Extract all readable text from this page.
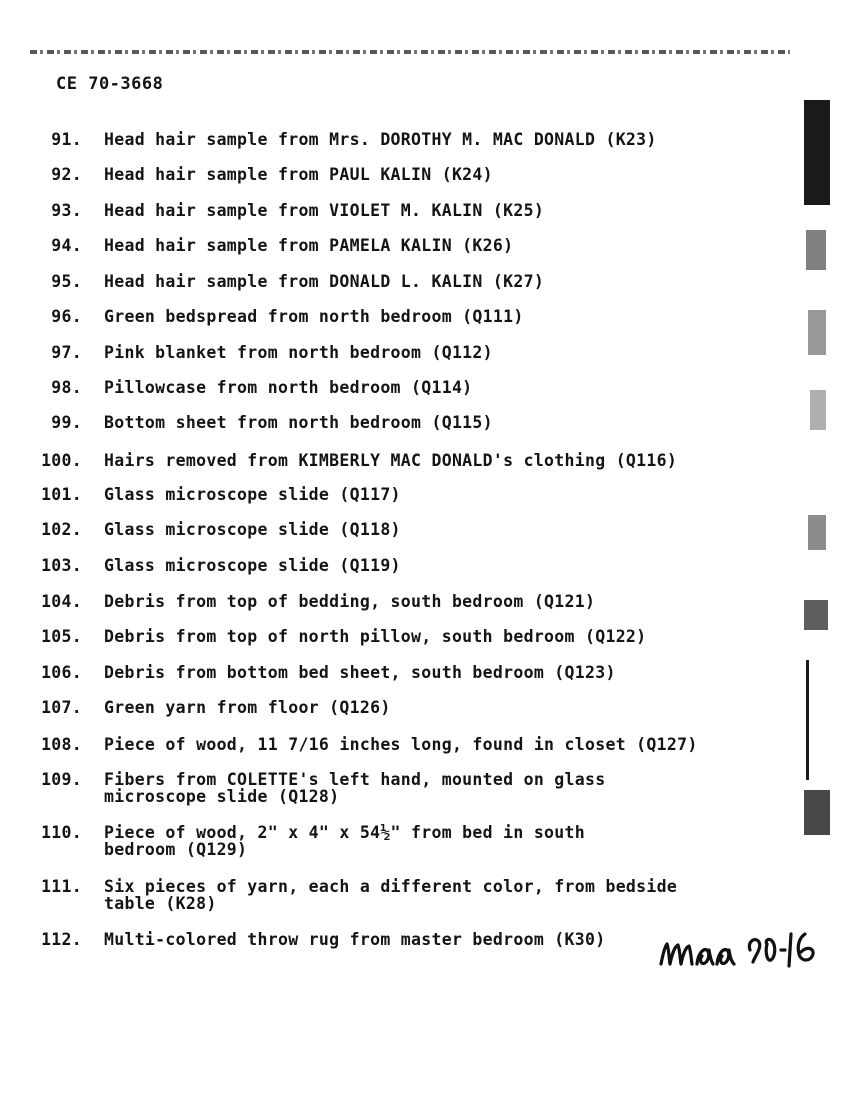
CE 70-3668
91. Head hair sample from Mrs. DOROTHY M. MAC DONALD (K23)
92. Head hair sample from PAUL KALIN (K24)
93. Head hair sample from VIOLET M. KALIN (K25)
94. Head hair sample from PAMELA KALIN (K26)
95. Head hair sample from DONALD L. KALIN (K27)
96. Green bedspread from north bedroom (Q111)
97. Pink blanket from north bedroom (Q112)
98. Pillowcase from north bedroom (Q114)
99. Bottom sheet from north bedroom (Q115)
100. Hairs removed from KIMBERLY MAC DONALD's clothing (Q116)
101. Glass microscope slide (Q117)
102. Glass microscope slide (Q118)
103. Glass microscope slide (Q119)
104. Debris from top of bedding, south bedroom (Q121)
105. Debris from top of north pillow, south bedroom (Q122)
106. Debris from bottom bed sheet, south bedroom (Q123)
107. Green yarn from floor (Q126)
108. Piece of wood, 11 7/16 inches long, found in closet (Q127)
109. Fibers from COLETTE's left hand, mounted on glass
microscope slide (Q128)
110. Piece of wood, 2" x 4" x 54½" from bed in south
bedroom (Q129)
111. Six pieces of yarn, each a different color, from bedside
table (K28)
112. Multi-colored throw rug from master bedroom (K30)
